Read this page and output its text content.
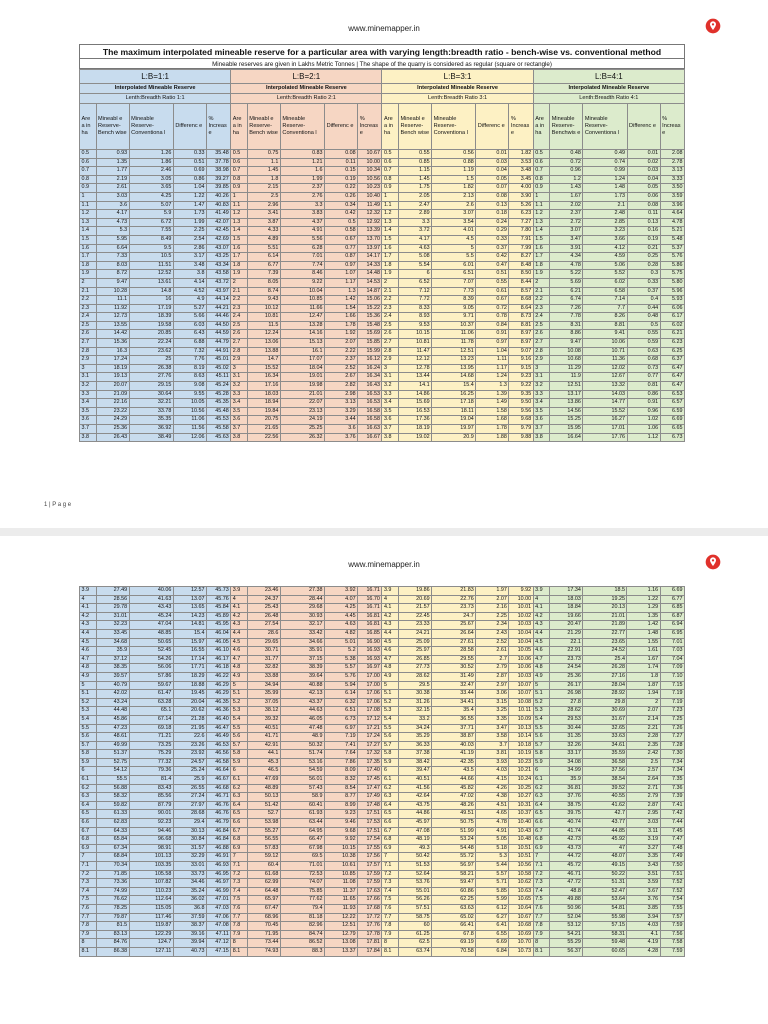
www.minemapper.in
The maximum interpolated mineable reserve for a particular area with varying length:breadth ratio - bench-wise vs. conventional method
Mineable reserves are given in Lakhs Metric Tonnes | The shape of the quarry is considered as regular (square or rectangle)
L:B=1:1					L:B=2:1					L:B=3:1					L:B=4:1				
Interpolated Mineable Reserve					Interpolated Mineable Reserve					Interpolated Mineable Reserve					Interpolated Mineable Reserve				
Lenth:Breadth Ratio 1:1					Lenth:Breadth Ratio 2:1					Lenth:Breadth Ratio 3:1					Lenth:Breadth Ratio 4:1				
Are a in ha	Mineabl e Reserve- Bench wise	Mineable Reserve- Conventiona l	Differenc e	% Increas e	Are a in ha	Mineabl e Reserve- Bench wise	Mineable Reserve- Conventiona l	Differenc e	% Increas e	Are a in ha	Mineabl e Reserve- Bench wise	Mineable Reserve- Conventiona l	Differenc e	% Increas e	Are a in ha	Mineable Reserve- Benchwis e	Mineable Reserve- Conventiona l	Differenc e	% Increas e
0.5	0.93	1.26	0.33	35.48	0.5	0.75	0.83	0.08	10.67	0.5	0.55	0.56	0.01	1.82	0.5	0.48	0.49	0.01	2.08
0.6	1.35	1.86	0.51	37.78	0.6	1.1	1.21	0.11	10.00	0.6	0.85	0.88	0.03	3.53	0.6	0.72	0.74	0.02	2.78
0.7	1.77	2.46	0.69	38.98	0.7	1.45	1.6	0.15	10.34	0.7	1.15	1.19	0.04	3.48	0.7	0.96	0.99	0.03	3.13
0.8	2.19	3.05	0.86	39.27	0.8	1.8	1.99	0.19	10.56	0.8	1.45	1.5	0.05	3.45	0.8	1.2	1.24	0.04	3.33
0.9	2.61	3.65	1.04	39.85	0.9	2.15	2.37	0.22	10.23	0.9	1.75	1.82	0.07	4.00	0.9	1.43	1.48	0.05	3.50
1	3.03	4.25	1.22	40.26	1	2.5	2.76	0.26	10.40	1	2.05	2.13	0.08	3.90	1	1.67	1.73	0.06	3.59
1.1	3.6	5.07	1.47	40.83	1.1	2.96	3.3	0.34	11.49	1.1	2.47	2.6	0.13	5.26	1.1	2.02	2.1	0.08	3.96
1.2	4.17	5.9	1.73	41.49	1.2	3.41	3.83	0.42	12.32	1.2	2.89	3.07	0.18	6.23	1.2	2.37	2.48	0.11	4.64
1.3	4.73	6.72	1.99	42.07	1.3	3.87	4.37	0.5	12.92	1.3	3.3	3.54	0.24	7.27	1.3	2.72	2.85	0.13	4.78
1.4	5.3	7.55	2.25	42.45	1.4	4.33	4.91	0.58	13.39	1.4	3.72	4.01	0.29	7.80	1.4	3.07	3.23	0.16	5.21
1.5	5.95	8.49	2.54	42.69	1.5	4.89	5.56	0.67	13.70	1.5	4.17	4.5	0.33	7.91	1.5	3.47	3.66	0.19	5.48
1.6	6.64	9.5	2.86	43.07	1.6	5.51	6.28	0.77	13.97	1.6	4.63	5	0.37	7.99	1.6	3.91	4.12	0.21	5.37
1.7	7.33	10.5	3.17	43.25	1.7	6.14	7.01	0.87	14.17	1.7	5.08	5.5	0.42	8.27	1.7	4.34	4.59	0.25	5.76
1.8	8.03	11.51	3.48	43.34	1.8	6.77	7.74	0.97	14.33	1.8	5.54	6.01	0.47	8.48	1.8	4.78	5.06	0.28	5.86
1.9	8.72	12.52	3.8	43.58	1.9	7.39	8.46	1.07	14.48	1.9	6	6.51	0.51	8.50	1.9	5.22	5.52	0.3	5.75
2	9.47	13.61	4.14	43.72	2	8.05	9.22	1.17	14.53	2	6.52	7.07	0.55	8.44	2	5.69	6.02	0.33	5.80
2.1	10.28	14.8	4.52	43.97	2.1	8.74	10.04	1.3	14.87	2.1	7.12	7.73	0.61	8.57	2.1	6.21	6.58	0.37	5.96
2.2	11.1	16	4.9	44.14	2.2	9.43	10.85	1.42	15.06	2.2	7.72	8.39	0.67	8.68	2.2	6.74	7.14	0.4	5.93
2.3	11.92	17.19	5.27	44.21	2.3	10.12	11.66	1.54	15.22	2.3	8.33	9.05	0.72	8.64	2.3	7.26	7.7	0.44	6.06
2.4	12.73	18.39	5.66	44.46	2.4	10.81	12.47	1.66	15.36	2.4	8.93	9.71	0.78	8.73	2.4	7.78	8.26	0.48	6.17
2.5	13.55	19.58	6.03	44.50	2.5	11.5	13.28	1.78	15.48	2.5	9.53	10.37	0.84	8.81	2.5	8.31	8.81	0.5	6.02
2.6	14.42	20.85	6.43	44.59	2.6	12.24	14.16	1.92	15.69	2.6	10.15	11.06	0.91	8.97	2.6	8.86	9.41	0.55	6.21
2.7	15.36	22.24	6.88	44.79	2.7	13.06	15.13	2.07	15.85	2.7	10.81	11.78	0.97	8.97	2.7	9.47	10.06	0.59	6.23
2.8	16.3	23.62	7.32	44.91	2.8	13.88	16.1	2.22	15.99	2.8	11.47	12.51	1.04	9.07	2.8	10.08	10.71	0.63	6.25
2.9	17.24	25	7.76	45.01	2.9	14.7	17.07	2.37	16.12	2.9	12.12	13.23	1.11	9.16	2.9	10.68	11.36	0.68	6.37
3	18.19	26.38	8.19	45.02	3	15.52	18.04	2.52	16.24	3	12.78	13.95	1.17	9.15	3	11.29	12.02	0.73	6.47
3.1	19.13	27.76	8.63	45.11	3.1	16.34	19.01	2.67	16.34	3.1	13.44	14.68	1.24	9.23	3.1	11.9	12.67	0.77	6.47
3.2	20.07	29.15	9.08	45.24	3.2	17.16	19.98	2.82	16.43	3.2	14.1	15.4	1.3	9.22	3.2	12.51	13.32	0.81	6.47
3.3	21.09	30.64	9.55	45.28	3.3	18.03	21.01	2.98	16.53	3.3	14.86	16.25	1.39	9.35	3.3	13.17	14.03	0.86	6.53
3.4	22.16	32.21	10.05	45.35	3.4	18.94	22.07	3.13	16.53	3.4	15.69	17.18	1.49	9.50	3.4	13.86	14.77	0.91	6.57
3.5	23.22	33.78	10.56	45.48	3.5	19.84	23.13	3.29	16.58	3.5	16.53	18.11	1.58	9.56	3.5	14.56	15.52	0.96	6.59
3.6	24.29	35.35	11.06	45.53	3.6	20.75	24.19	3.44	16.58	3.6	17.36	19.04	1.68	9.68	3.6	15.25	16.27	1.02	6.69
3.7	25.36	36.92	11.56	45.58	3.7	21.65	25.25	3.6	16.63	3.7	18.19	19.97	1.78	9.79	3.7	15.95	17.01	1.06	6.65
3.8	26.43	38.49	12.06	45.63	3.8	22.56	26.32	3.76	16.67	3.8	19.02	20.9	1.88	9.88	3.8	16.64	17.76	1.12	6.73
1 | P a g e
www.minemapper.in
3.9	27.49	40.06	12.57	45.73	3.9	23.46	27.38	3.92	16.71	3.9	19.86	21.83	1.97	9.92	3.9	17.34	18.5	1.16	6.69
4	28.56	41.63	13.07	45.76	4	24.37	28.44	4.07	16.70	4	20.69	22.76	2.07	10.00	4	18.03	19.25	1.22	6.77
4.1	29.78	43.43	13.65	45.84	4.1	25.43	29.68	4.25	16.71	4.1	21.57	23.73	2.16	10.01	4.1	18.84	20.13	1.29	6.85
4.2	31.01	45.24	14.23	45.89	4.2	26.48	30.93	4.45	16.81	4.2	22.45	24.7	2.25	10.02	4.2	19.66	21.01	1.35	6.87
4.3	32.23	47.04	14.81	45.95	4.3	27.54	32.17	4.63	16.81	4.3	23.33	25.67	2.34	10.03	4.3	20.47	21.89	1.42	6.94
4.4	33.45	48.85	15.4	46.04	4.4	28.6	33.42	4.82	16.85	4.4	24.21	26.64	2.43	10.04	4.4	21.29	22.77	1.48	6.95
4.5	34.68	50.65	15.97	46.05	4.5	29.65	34.66	5.01	16.90	4.5	25.09	27.61	2.52	10.04	4.5	22.1	23.65	1.55	7.01
4.6	35.9	52.45	16.55	46.10	4.6	30.71	35.91	5.2	16.93	4.6	25.97	28.58	2.61	10.05	4.6	22.91	24.52	1.61	7.03
4.7	37.12	54.26	17.14	46.17	4.7	31.77	37.15	5.38	16.93	4.7	26.85	29.55	2.7	10.06	4.7	23.73	25.4	1.67	7.04
4.8	38.35	56.06	17.71	46.18	4.8	32.82	38.39	5.57	16.97	4.8	27.73	30.52	2.79	10.06	4.8	24.54	26.28	1.74	7.09
4.9	39.57	57.86	18.29	46.22	4.9	33.88	39.64	5.76	17.00	4.9	28.62	31.49	2.87	10.03	4.9	25.36	27.16	1.8	7.10
5	40.79	59.67	18.88	46.29	5	34.94	40.88	5.94	17.00	5	29.5	32.47	2.97	10.07	5	26.17	28.04	1.87	7.15
5.1	42.02	61.47	19.45	46.29	5.1	35.99	42.13	6.14	17.06	5.1	30.38	33.44	3.06	10.07	5.1	26.98	28.92	1.94	7.19
5.2	43.24	63.28	20.04	46.35	5.2	37.05	43.37	6.32	17.06	5.2	31.26	34.41	3.15	10.08	5.2	27.8	29.8	2	7.19
5.3	44.48	65.1	20.62	46.36	5.3	38.12	44.63	6.51	17.08	5.3	32.15	35.4	3.25	10.11	5.3	28.62	30.69	2.07	7.23
5.4	45.86	67.14	21.28	46.40	5.4	39.32	46.05	6.73	17.12	5.4	33.2	36.55	3.35	10.09	5.4	29.53	31.67	2.14	7.25
5.5	47.23	69.18	21.95	46.47	5.5	40.51	47.48	6.97	17.21	5.5	34.24	37.71	3.47	10.13	5.5	30.44	32.65	2.21	7.26
5.6	48.61	71.21	22.6	46.49	5.6	41.71	48.9	7.19	17.24	5.6	35.29	38.87	3.58	10.14	5.6	31.35	33.63	2.28	7.27
5.7	49.99	73.25	23.26	46.53	5.7	42.91	50.32	7.41	17.27	5.7	36.33	40.03	3.7	10.18	5.7	32.26	34.61	2.35	7.28
5.8	51.37	75.29	23.92	46.56	5.8	44.1	51.74	7.64	17.32	5.8	37.38	41.19	3.81	10.19	5.8	33.17	35.59	2.42	7.30
5.9	52.75	77.32	24.57	46.58	5.9	45.3	53.16	7.86	17.35	5.9	38.42	42.35	3.93	10.23	5.9	34.08	36.58	2.5	7.34
6	54.12	79.36	25.24	46.64	6	46.5	54.59	8.09	17.40	6	39.47	43.5	4.03	10.21	6	34.99	37.56	2.57	7.34
6.1	55.5	81.4	25.9	46.67	6.1	47.69	56.01	8.32	17.45	6.1	40.51	44.66	4.15	10.24	6.1	35.9	38.54	2.64	7.35
6.2	56.88	83.43	26.55	46.68	6.2	48.89	57.43	8.54	17.47	6.2	41.56	45.82	4.26	10.25	6.2	36.81	39.52	2.71	7.36
6.3	58.32	85.56	27.24	46.71	6.3	50.13	58.9	8.77	17.49	6.3	42.64	47.02	4.38	10.27	6.3	37.76	40.55	2.79	7.39
6.4	59.82	87.79	27.97	46.76	6.4	51.42	60.41	8.99	17.48	6.4	43.75	48.26	4.51	10.31	6.4	38.75	41.62	2.87	7.41
6.5	61.33	90.01	28.68	46.76	6.5	52.7	61.93	9.23	17.51	6.5	44.86	49.51	4.65	10.37	6.5	39.75	42.7	2.95	7.42
6.6	62.83	92.23	29.4	46.79	6.6	53.98	63.44	9.46	17.53	6.6	45.97	50.75	4.78	10.40	6.6	40.74	43.77	3.03	7.44
6.7	64.33	94.46	30.13	46.84	6.7	55.27	64.95	9.68	17.51	6.7	47.08	51.99	4.91	10.43	6.7	41.74	44.85	3.11	7.45
6.8	65.84	96.68	30.84	46.84	6.8	56.55	66.47	9.92	17.54	6.8	48.19	53.24	5.05	10.48	6.8	42.73	45.92	3.19	7.47
6.9	67.34	98.91	31.57	46.88	6.9	57.83	67.98	10.15	17.55	6.9	49.3	54.48	5.18	10.51	6.9	43.73	47	3.27	7.48
7	68.84	101.13	32.29	46.91	7	59.12	69.5	10.38	17.56	7	50.42	55.72	5.3	10.51	7	44.72	48.07	3.35	7.49
7.1	70.34	103.35	33.01	46.93	7.1	60.4	71.01	10.61	17.57	7.1	51.53	56.97	5.44	10.56	7.1	45.72	49.15	3.43	7.50
7.2	71.85	105.58	33.73	46.95	7.2	61.68	72.53	10.85	17.59	7.2	52.64	58.21	5.57	10.58	7.2	46.71	50.22	3.51	7.51
7.3	73.36	107.82	34.46	46.97	7.3	62.99	74.07	11.08	17.59	7.3	53.76	59.47	5.71	10.62	7.3	47.72	51.31	3.59	7.52
7.4	74.99	110.23	35.24	46.99	7.4	64.48	75.85	11.37	17.63	7.4	55.01	60.86	5.85	10.63	7.4	48.8	52.47	3.67	7.52
7.5	76.62	112.64	36.02	47.01	7.5	65.97	77.62	11.65	17.66	7.5	56.26	62.25	5.99	10.65	7.5	49.88	53.64	3.76	7.54
7.6	78.25	115.05	36.8	47.03	7.6	67.47	79.4	11.93	17.68	7.6	57.51	63.63	6.12	10.64	7.6	50.96	54.81	3.85	7.55
7.7	79.87	117.46	37.59	47.06	7.7	68.96	81.18	12.22	17.72	7.7	58.75	65.02	6.27	10.67	7.7	52.04	55.98	3.94	7.57
7.8	81.5	119.87	38.37	47.08	7.8	70.45	82.96	12.51	17.76	7.8	60	66.41	6.41	10.68	7.8	53.12	57.15	4.03	7.59
7.9	83.13	122.29	39.16	47.11	7.9	71.95	84.74	12.79	17.78	7.9	61.25	67.8	6.55	10.69	7.9	54.21	58.31	4.1	7.56
8	84.76	124.7	39.94	47.12	8	73.44	86.52	13.08	17.81	8	62.5	69.19	6.69	10.70	8	55.29	59.48	4.19	7.58
8.1	86.38	127.11	40.73	47.15	8.1	74.93	88.3	13.37	17.84	8.1	63.74	70.58	6.84	10.73	8.1	56.37	60.65	4.28	7.59
